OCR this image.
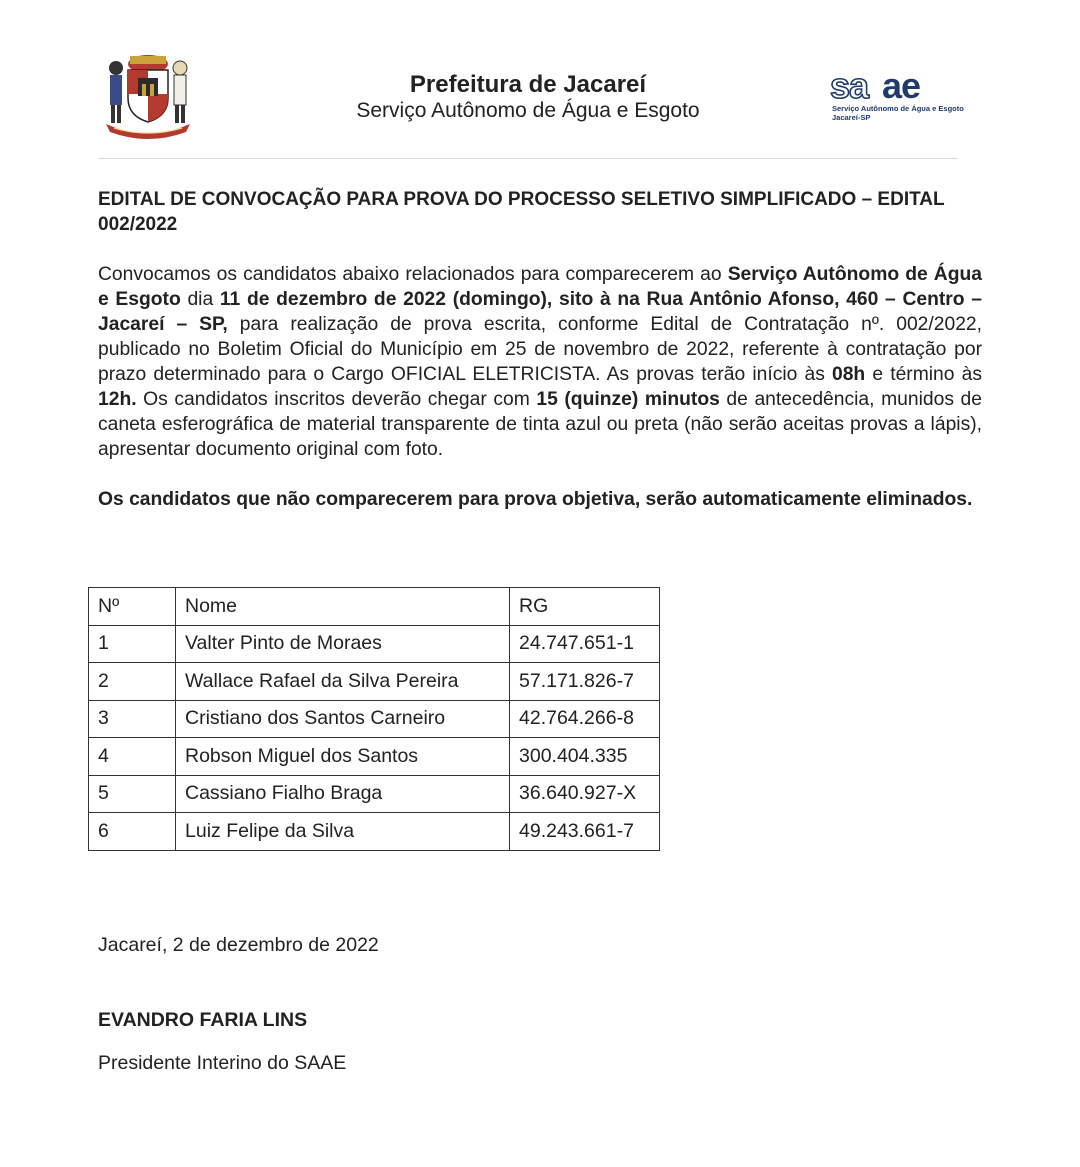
Prefeitura de Jacareí
Serviço Autônomo de Água e Esgoto
sa ae
Serviço Autônomo de Água e Esgoto
Jacareí-SP
EDITAL DE CONVOCAÇÃO PARA PROVA DO PROCESSO SELETIVO SIMPLIFICADO – EDITAL 002/2022
Convocamos os candidatos abaixo relacionados para comparecerem ao Serviço Autônomo de Água e Esgoto dia 11 de dezembro de 2022 (domingo), sito à na Rua Antônio Afonso, 460 – Centro – Jacareí – SP, para realização de prova escrita, conforme Edital de Contratação nº. 002/2022, publicado no Boletim Oficial do Município em 25 de novembro de 2022, referente à contratação por prazo determinado para o Cargo OFICIAL ELETRICISTA. As provas terão início às 08h e término às 12h. Os candidatos inscritos deverão chegar com 15 (quinze) minutos de antecedência, munidos de caneta esferográfica de material transparente de tinta azul ou preta (não serão aceitas provas a lápis), apresentar documento original com foto.
Os candidatos que não comparecerem para prova objetiva, serão automaticamente eliminados.
Nº	Nome	RG
1	Valter Pinto de Moraes	24.747.651-1
2	Wallace Rafael da Silva Pereira	57.171.826-7
3	Cristiano dos Santos Carneiro	42.764.266-8
4	Robson Miguel dos Santos	300.404.335
5	Cassiano Fialho Braga	36.640.927-X
6	Luiz Felipe da Silva	49.243.661-7
Jacareí, 2 de dezembro de 2022
EVANDRO FARIA LINS
Presidente Interino do SAAE
